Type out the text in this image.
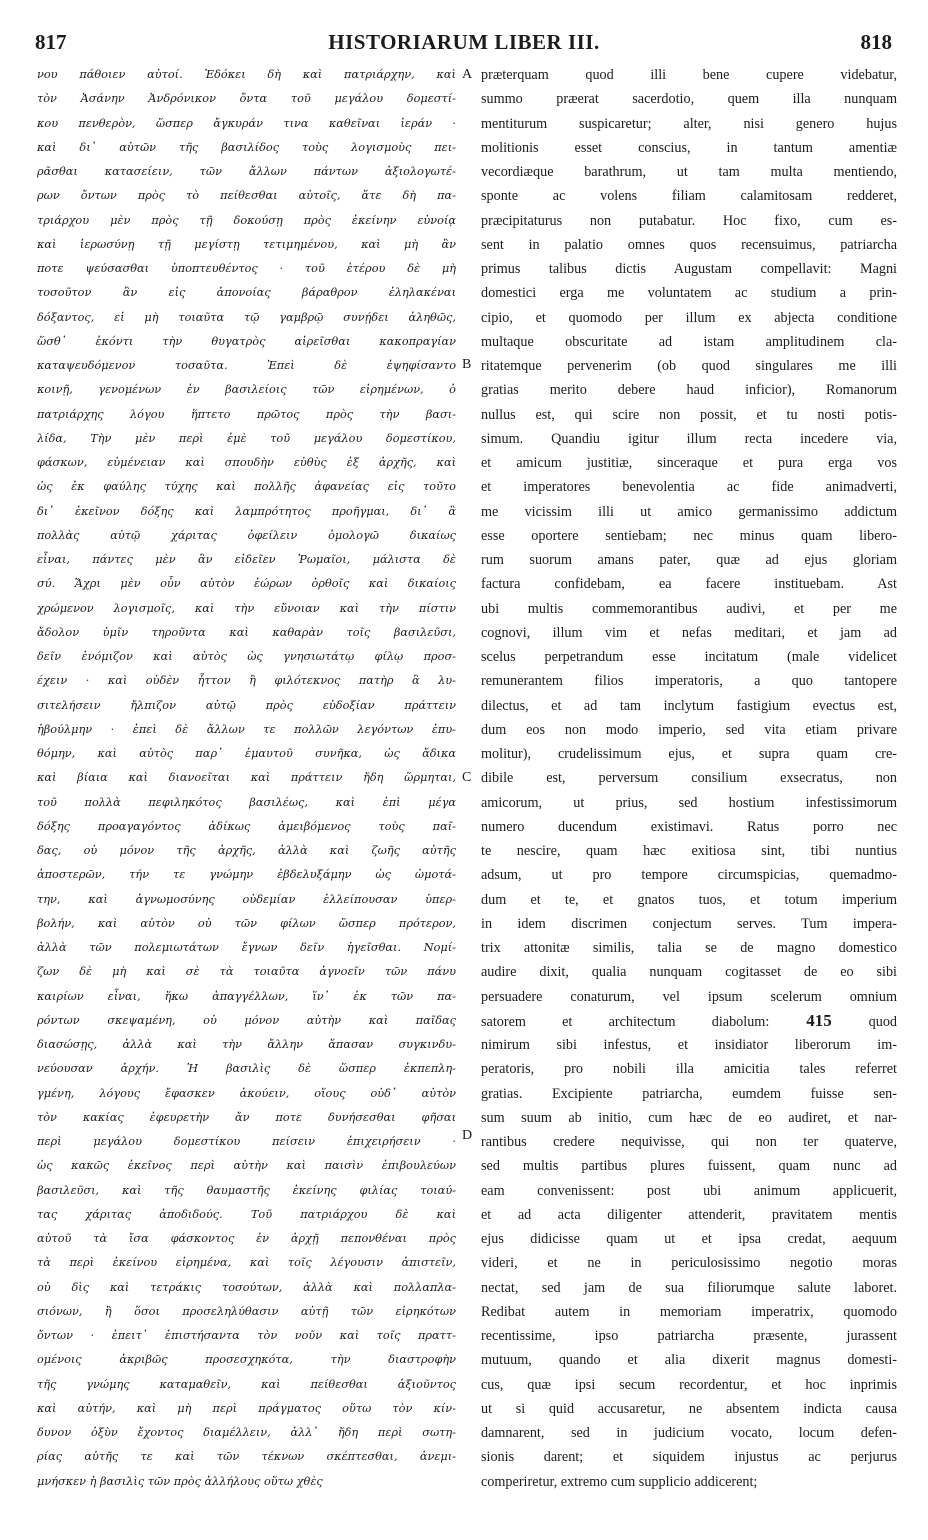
817	HISTORIARUM LIBER III.	818
νου πάθοιεν αὐτοί. Ἐδόκει δὴ καὶ πατριάρχην, καὶ
τὸν Ἀσάνην Ἀνδρόνικον ὄντα τοῦ μεγάλου δομεστί-
κου πενθερὸν, ὥσπερ ἄγκυράν τινα καθεῖναι ἱεράν ·
καὶ δι᾽ αὐτῶν τῆς βασιλίδος τοὺς λογισμοὺς πει-
ρᾶσθαι κατασείειν, τῶν ἄλλων πάντων ἀξιολογωτέ-
ρων ὄντων πρὸς τὸ πείθεσθαι αὐτοῖς, ἅτε δὴ πα-
τριάρχου μὲν πρὸς τῇ δοκούσῃ πρὸς ἐκείνην εὐνοίᾳ
καὶ ἱερωσύνῃ τῇ μεγίστῃ τετιμημένου, καὶ μὴ ἂν
ποτε ψεύσασθαι ὑποπτευθέντος · τοῦ ἑτέρου δὲ μὴ
τοσοῦτον ἂν εἰς ἀπονοίας βάραθρον ἐληλακέναι
δόξαντος, εἰ μὴ τοιαῦτα τῷ γαμβρῷ συνῄδει ἀληθῶς,
ὥσθ᾽ ἑκόντι τὴν θυγατρὸς αἱρεῖσθαι κακοπραγίαν
καταψευδόμενον τοσαῦτα. Ἐπεὶ δὲ ἐψηφίσαντο
κοινῇ, γενομένων ἐν βασιλείοις τῶν εἰρημένων, ὁ
πατριάρχης λόγου ἥπτετο πρῶτος πρὸς τὴν βασι-
λίδα, Τὴν μὲν περὶ ἐμὲ τοῦ μεγάλου δομεστίκου,
φάσκων, εὐμένειαν καὶ σπουδὴν εὐθὺς ἐξ ἀρχῆς, καὶ
ὡς ἐκ φαύλης τύχης καὶ πολλῆς ἀφανείας εἰς τοῦτο
δι᾽ ἐκεῖνον δόξης καὶ λαμπρότητος προῆγμαι, δι᾽ ἃ
πολλὰς αὐτῷ χάριτας ὀφείλειν ὁμολογῶ δικαίως
εἶναι, πάντες μὲν ἂν εἰδεῖεν Ῥωμαῖοι, μάλιστα δὲ
σύ. Ἄχρι μὲν οὖν αὐτὸν ἑώρων ὀρθοῖς καὶ δικαίοις
χρώμενον λογισμοῖς, καὶ τὴν εὔνοιαν καὶ τὴν πίστιν
ἄδολον ὑμῖν τηροῦντα καὶ καθαρὰν τοῖς βασιλεῦσι,
δεῖν ἐνόμιζον καὶ αὐτὸς ὡς γνησιωτάτῳ φίλῳ προσ-
έχειν · καὶ οὐδὲν ἧττον ἢ φιλότεκνος πατὴρ ἃ λυ-
σιτελήσειν ἤλπιζον αὐτῷ πρὸς εὐδοξίαν πράττειν
ἠβούλμην · ἐπεὶ δὲ ἄλλων τε πολλῶν λεγόντων ἐπυ-
θόμην, καὶ αὐτὸς παρ᾽ ἐμαυτοῦ συνῆκα, ὡς ἄδικα
καὶ βίαια καὶ διανοεῖται καὶ πράττειν ἤδη ὥρμηται,
τοῦ πολλὰ πεφιληκότος βασιλέως, καὶ ἐπὶ μέγα
δόξης προαγαγόντος ἀδίκως ἀμειβόμενος τοὺς παῖ-
δας, οὐ μόνον τῆς ἀρχῆς, ἀλλὰ καὶ ζωῆς αὐτῆς
ἀποστερῶν, τήν τε γνώμην ἐβδελυξάμην ὡς ὠμοτά-
την, καὶ ἀγνωμοσύνης οὐδεμίαν ἐλλείπουσαν ὑπερ-
βολήν, καὶ αὐτὸν οὐ τῶν φίλων ὥσπερ πρότερον,
ἀλλὰ τῶν πολεμιωτάτων ἔγνων δεῖν ἡγεῖσθαι. Νομί-
ζων δὲ μὴ καὶ σὲ τὰ τοιαῦτα ἀγνοεῖν τῶν πάνυ
καιρίων εἶναι, ἥκω ἀπαγγέλλων, ἵν᾽ ἐκ τῶν πα-
ρόντων σκεψαμένη, οὐ μόνον αὐτὴν καὶ παῖδας
διασώσῃς, ἀλλὰ καὶ τὴν ἄλλην ἅπασαν συγκινδυ-
νεύουσαν ἀρχήν. Ἡ βασιλὶς δὲ ὥσπερ ἐκπεπλη-
γμένη, λόγους ἔφασκεν ἀκούειν, οἵους οὐδ᾽ αὐτὸν
τὸν κακίας ἐφευρετὴν ἄν ποτε δυνήσεσθαι φῆσαι
περὶ μεγάλου δομεστίκου πείσειν ἐπιχειρήσειν ·
ὡς κακῶς ἐκεῖνος περὶ αὐτὴν καὶ παισὶν ἐπιβουλεύων
βασιλεῦσι, καὶ τῆς θαυμαστῆς ἐκείνης φιλίας τοιαύ-
τας χάριτας ἀποδιδούς. Τοῦ πατριάρχου δὲ καὶ
αὐτοῦ τὰ ἴσα φάσκοντος ἐν ἀρχῇ πεπονθέναι πρὸς
τὰ περὶ ἐκείνου εἰρημένα, καὶ τοῖς λέγουσιν ἀπιστεῖν,
οὐ δὶς καὶ τετράκις τοσούτων, ἀλλὰ καὶ πολλαπλα-
σιόνων, ἢ ὅσοι προσεληλύθασιν αὐτῇ τῶν εἰρηκότων
ὄντων · ἐπειτ᾽ ἐπιστήσαντα τὸν νοῦν καὶ τοῖς πραττ-
ομένοις ἀκριβῶς προσεσχηκότα, τὴν διαστροφὴν
τῆς γνώμης καταμαθεῖν, καὶ πείθεσθαι ἀξιοῦντος
καὶ αὐτήν, καὶ μὴ περὶ πράγματος οὕτω τὸν κίν-
δυνον ὀξὺν ἔχοντος διαμέλλειν, ἀλλ᾽ ἤδη περὶ σωτη-
ρίας αὐτῆς τε καὶ τῶν τέκνων σκέπτεσθαι, ἀνεμι-
μνήσκεν ἡ βασιλὶς τῶν πρὸς ἀλλήλους οὕτω χθὲς
prӕterquam quod illi bene cupere videbatur,
summo prӕerat sacerdotio, quem illa nunquam
mentiturum suspicaretur; alter, nisi genero hujus
molitionis esset conscius, in tantum amentiӕ
vecordiӕque barathrum, ut tam multa mentiendo,
sponte ac volens filiam calamitosam redderet,
prӕcipitaturus non putabatur. Hoc fixo, cum es-
sent in palatio omnes quos recensuimus, patriarcha
primus talibus dictis Augustam compellavit: Magni
domestici erga me voluntatem ac studium a prin-
cipio, et quomodo per illum ex abjecta conditione
multaque obscuritate ad istam amplitudinem cla-
ritatemque pervenerim (ob quod singulares me illi
gratias merito debere haud inficior), Romanorum
nullus est, qui scire non possit, et tu nosti potis-
simum. Quandiu igitur illum recta incedere via,
et amicum justitiӕ, sinceraque et pura erga vos
et imperatores benevolentia ac fide animadverti,
me vicissim illi ut amico germanissimo addictum
esse oportere sentiebam; nec minus quam libero-
rum suorum amans pater, quӕ ad ejus gloriam
factura confidebam, ea facere instituebam. Ast
ubi multis commemorantibus audivi, et per me
cognovi, illum vim et nefas meditari, et jam ad
scelus perpetrandum esse incitatum (male videlicet
remunerantem filios imperatoris, a quo tantopere
dilectus, et ad tam inclytum fastigium evectus est,
dum eos non modo imperio, sed vita etiam privare
molitur), crudelissimum ejus, et supra quam cre-
dibile est, perversum consilium exsecratus, non
amicorum, ut prius, sed hostium infestissimorum
numero ducendum existimavi. Ratus porro nec
te nescire, quam hӕc exitiosa sint, tibi nuntius
adsum, ut pro tempore circumspicias, quemadmo-
dum et te, et gnatos tuos, et totum imperium
in idem discrimen conjectum serves. Tum impera-
trix attonitӕ similis, talia se de magno domestico
audire dixit, qualia nunquam cogitasset de eo sibi
persuadere conaturum, vel ipsum scelerum omnium
satorem et architectum diabolum: 415 quod
nimirum sibi infestus, et insidiator liberorum im-
peratoris, pro nobili illa amicitia tales referret
gratias. Excipiente patriarcha, eumdem fuisse sen-
sum suum ab initio, cum hӕc de eo audiret, et nar-
rantibus credere nequivisse, qui non ter quaterve,
sed multis partibus plures fuissent, quam nunc ad
eam convenissent: post ubi animum applicuerit,
et ad acta diligenter attenderit, pravitatem mentis
ejus didicisse quam ut et ipsa credat, aequum
videri, et ne in periculosissimo negotio moras
nectat, sed jam de sua filiorumque salute laboret.
Redibat autem in memoriam imperatrix, quomodo
recentissime, ipso patriarcha prӕsente, jurassent
mutuum, quando et alia dixerit magnus domesti-
cus, quӕ ipsi secum recordentur, et hoc inprimis
ut si quid accusaretur, ne absentem indicta causa
damnarent, sed in judicium vocato, locum defen-
sionis darent; et siquidem injustus ac perjurus
comperiretur, extremo cum supplicio addicerent;
A
B
C
D
